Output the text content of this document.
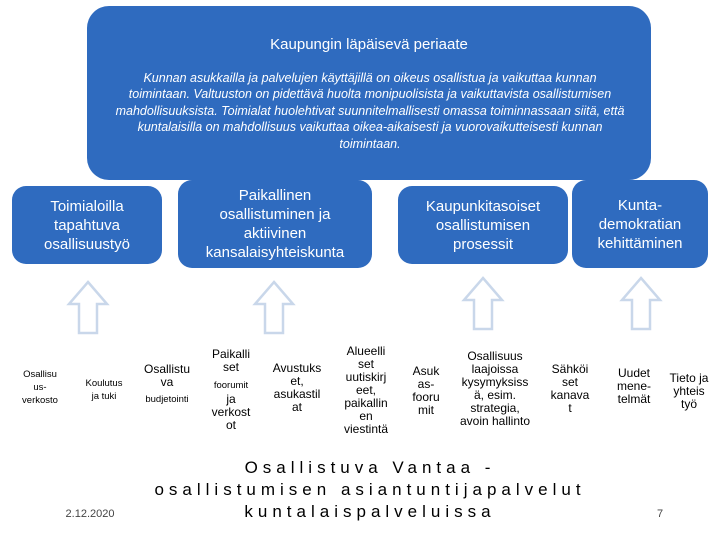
Kaupungin läpäisevä periaate
Kunnan asukkailla ja palvelujen käyttäjillä on oikeus osallistua ja vaikuttaa kunnan toimintaan. Valtuuston on pidettävä huolta monipuolisista ja vaikuttavista osallistumisen mahdollisuuksista. Toimialat huolehtivat suunnitelmallisesti omassa toiminnassaan siitä, että kuntalaisilla on mahdollisuus vaikuttaa oikea-aikaisesti ja vuorovaikutteisesti kunnan toimintaan.
Toimialoilla tapahtuva osallisuustyö
Paikallinen osallistuminen ja aktiivinen kansalaisyhteiskunta
Kaupunkitasoiset osallistumisen prosessit
Kunta-demokratian kehittäminen
Osallisu us-verkosto
Koulutus ja tuki
Osallistu va
budjetointi
Paikalli set
foorumit
ja verkost ot
Avustuks et, asukastil at
Alueelli set uutiskirj eet, paikallin en viestintä
Asuk as-fooru mit
Osallisuus laajoissa kysymyksiss ä, esim. strategia, avoin hallinto
Sähköi set kanava t
Uudet mene-telmät
Tieto ja yhteis työ
Osallistuva Vantaa -
osallistumisen asiantuntijapalvelut
kuntalaispalveluissa
2.12.2020	7
